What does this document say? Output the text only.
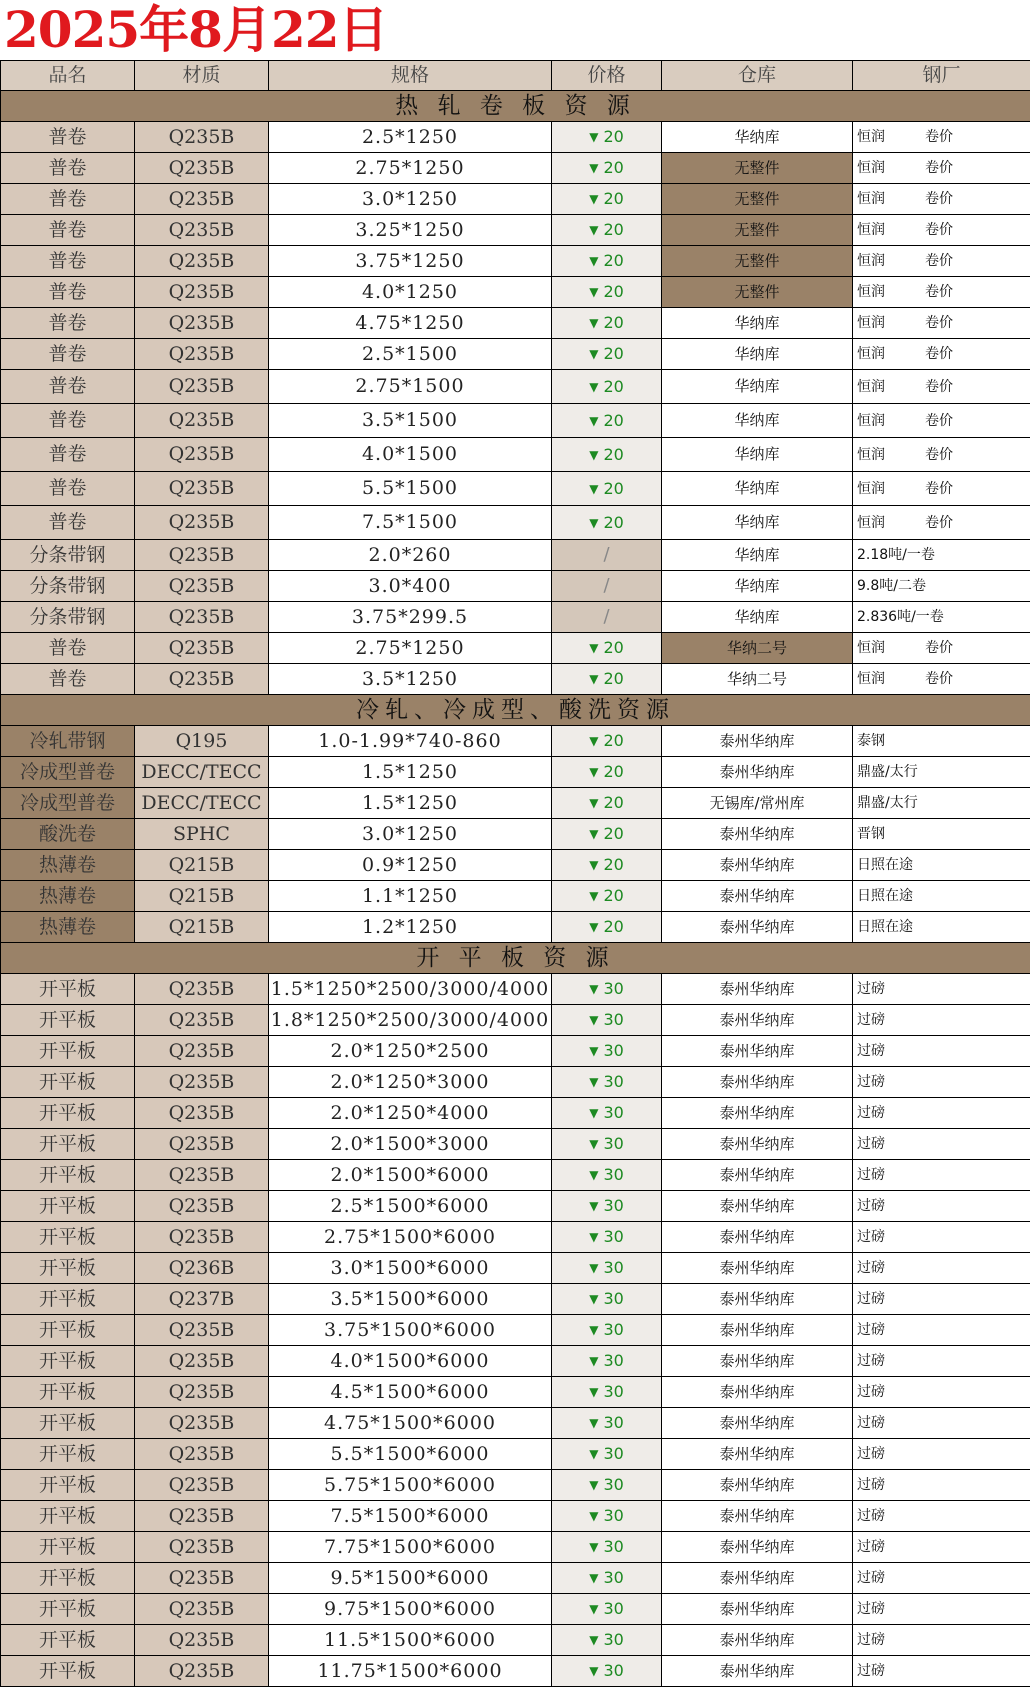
2025年8月22日
品名	材质	规格	价格	仓库	钢厂
热 轧 卷 板 资 源					
普卷	Q235B	2.5*1250	▼ 20	华纳库	恒润 卷价
普卷	Q235B	2.75*1250	▼ 20	无整件	恒润 卷价
普卷	Q235B	3.0*1250	▼ 20	无整件	恒润 卷价
普卷	Q235B	3.25*1250	▼ 20	无整件	恒润 卷价
普卷	Q235B	3.75*1250	▼ 20	无整件	恒润 卷价
普卷	Q235B	4.0*1250	▼ 20	无整件	恒润 卷价
普卷	Q235B	4.75*1250	▼ 20	华纳库	恒润 卷价
普卷	Q235B	2.5*1500	▼ 20	华纳库	恒润 卷价
普卷	Q235B	2.75*1500	▼ 20	华纳库	恒润 卷价
普卷	Q235B	3.5*1500	▼ 20	华纳库	恒润 卷价
普卷	Q235B	4.0*1500	▼ 20	华纳库	恒润 卷价
普卷	Q235B	5.5*1500	▼ 20	华纳库	恒润 卷价
普卷	Q235B	7.5*1500	▼ 20	华纳库	恒润 卷价
分条带钢	Q235B	2.0*260	/	华纳库	2.18吨/一卷
分条带钢	Q235B	3.0*400	/	华纳库	9.8吨/二卷
分条带钢	Q235B	3.75*299.5	/	华纳库	2.836吨/一卷
普卷	Q235B	2.75*1250	▼ 20	华纳二号	恒润 卷价
普卷	Q235B	3.5*1250	▼ 20	华纳二号	恒润 卷价
冷轧、冷成型、酸洗资源					
冷轧带钢	Q195	1.0-1.99*740-860	▼ 20	泰州华纳库	泰钢
冷成型普卷	DECC/TECC	1.5*1250	▼ 20	泰州华纳库	鼎盛/太行
冷成型普卷	DECC/TECC	1.5*1250	▼ 20	无锡库/常州库	鼎盛/太行
酸洗卷	SPHC	3.0*1250	▼ 20	泰州华纳库	晋钢
热薄卷	Q215B	0.9*1250	▼ 20	泰州华纳库	日照在途
热薄卷	Q215B	1.1*1250	▼ 20	泰州华纳库	日照在途
热薄卷	Q215B	1.2*1250	▼ 20	泰州华纳库	日照在途
开 平 板 资 源					
开平板	Q235B	1.5*1250*2500/3000/4000	▼ 30	泰州华纳库	过磅
开平板	Q235B	1.8*1250*2500/3000/4000	▼ 30	泰州华纳库	过磅
开平板	Q235B	2.0*1250*2500	▼ 30	泰州华纳库	过磅
开平板	Q235B	2.0*1250*3000	▼ 30	泰州华纳库	过磅
开平板	Q235B	2.0*1250*4000	▼ 30	泰州华纳库	过磅
开平板	Q235B	2.0*1500*3000	▼ 30	泰州华纳库	过磅
开平板	Q235B	2.0*1500*6000	▼ 30	泰州华纳库	过磅
开平板	Q235B	2.5*1500*6000	▼ 30	泰州华纳库	过磅
开平板	Q235B	2.75*1500*6000	▼ 30	泰州华纳库	过磅
开平板	Q236B	3.0*1500*6000	▼ 30	泰州华纳库	过磅
开平板	Q237B	3.5*1500*6000	▼ 30	泰州华纳库	过磅
开平板	Q235B	3.75*1500*6000	▼ 30	泰州华纳库	过磅
开平板	Q235B	4.0*1500*6000	▼ 30	泰州华纳库	过磅
开平板	Q235B	4.5*1500*6000	▼ 30	泰州华纳库	过磅
开平板	Q235B	4.75*1500*6000	▼ 30	泰州华纳库	过磅
开平板	Q235B	5.5*1500*6000	▼ 30	泰州华纳库	过磅
开平板	Q235B	5.75*1500*6000	▼ 30	泰州华纳库	过磅
开平板	Q235B	7.5*1500*6000	▼ 30	泰州华纳库	过磅
开平板	Q235B	7.75*1500*6000	▼ 30	泰州华纳库	过磅
开平板	Q235B	9.5*1500*6000	▼ 30	泰州华纳库	过磅
开平板	Q235B	9.75*1500*6000	▼ 30	泰州华纳库	过磅
开平板	Q235B	11.5*1500*6000	▼ 30	泰州华纳库	过磅
开平板	Q235B	11.75*1500*6000	▼ 30	泰州华纳库	过磅
